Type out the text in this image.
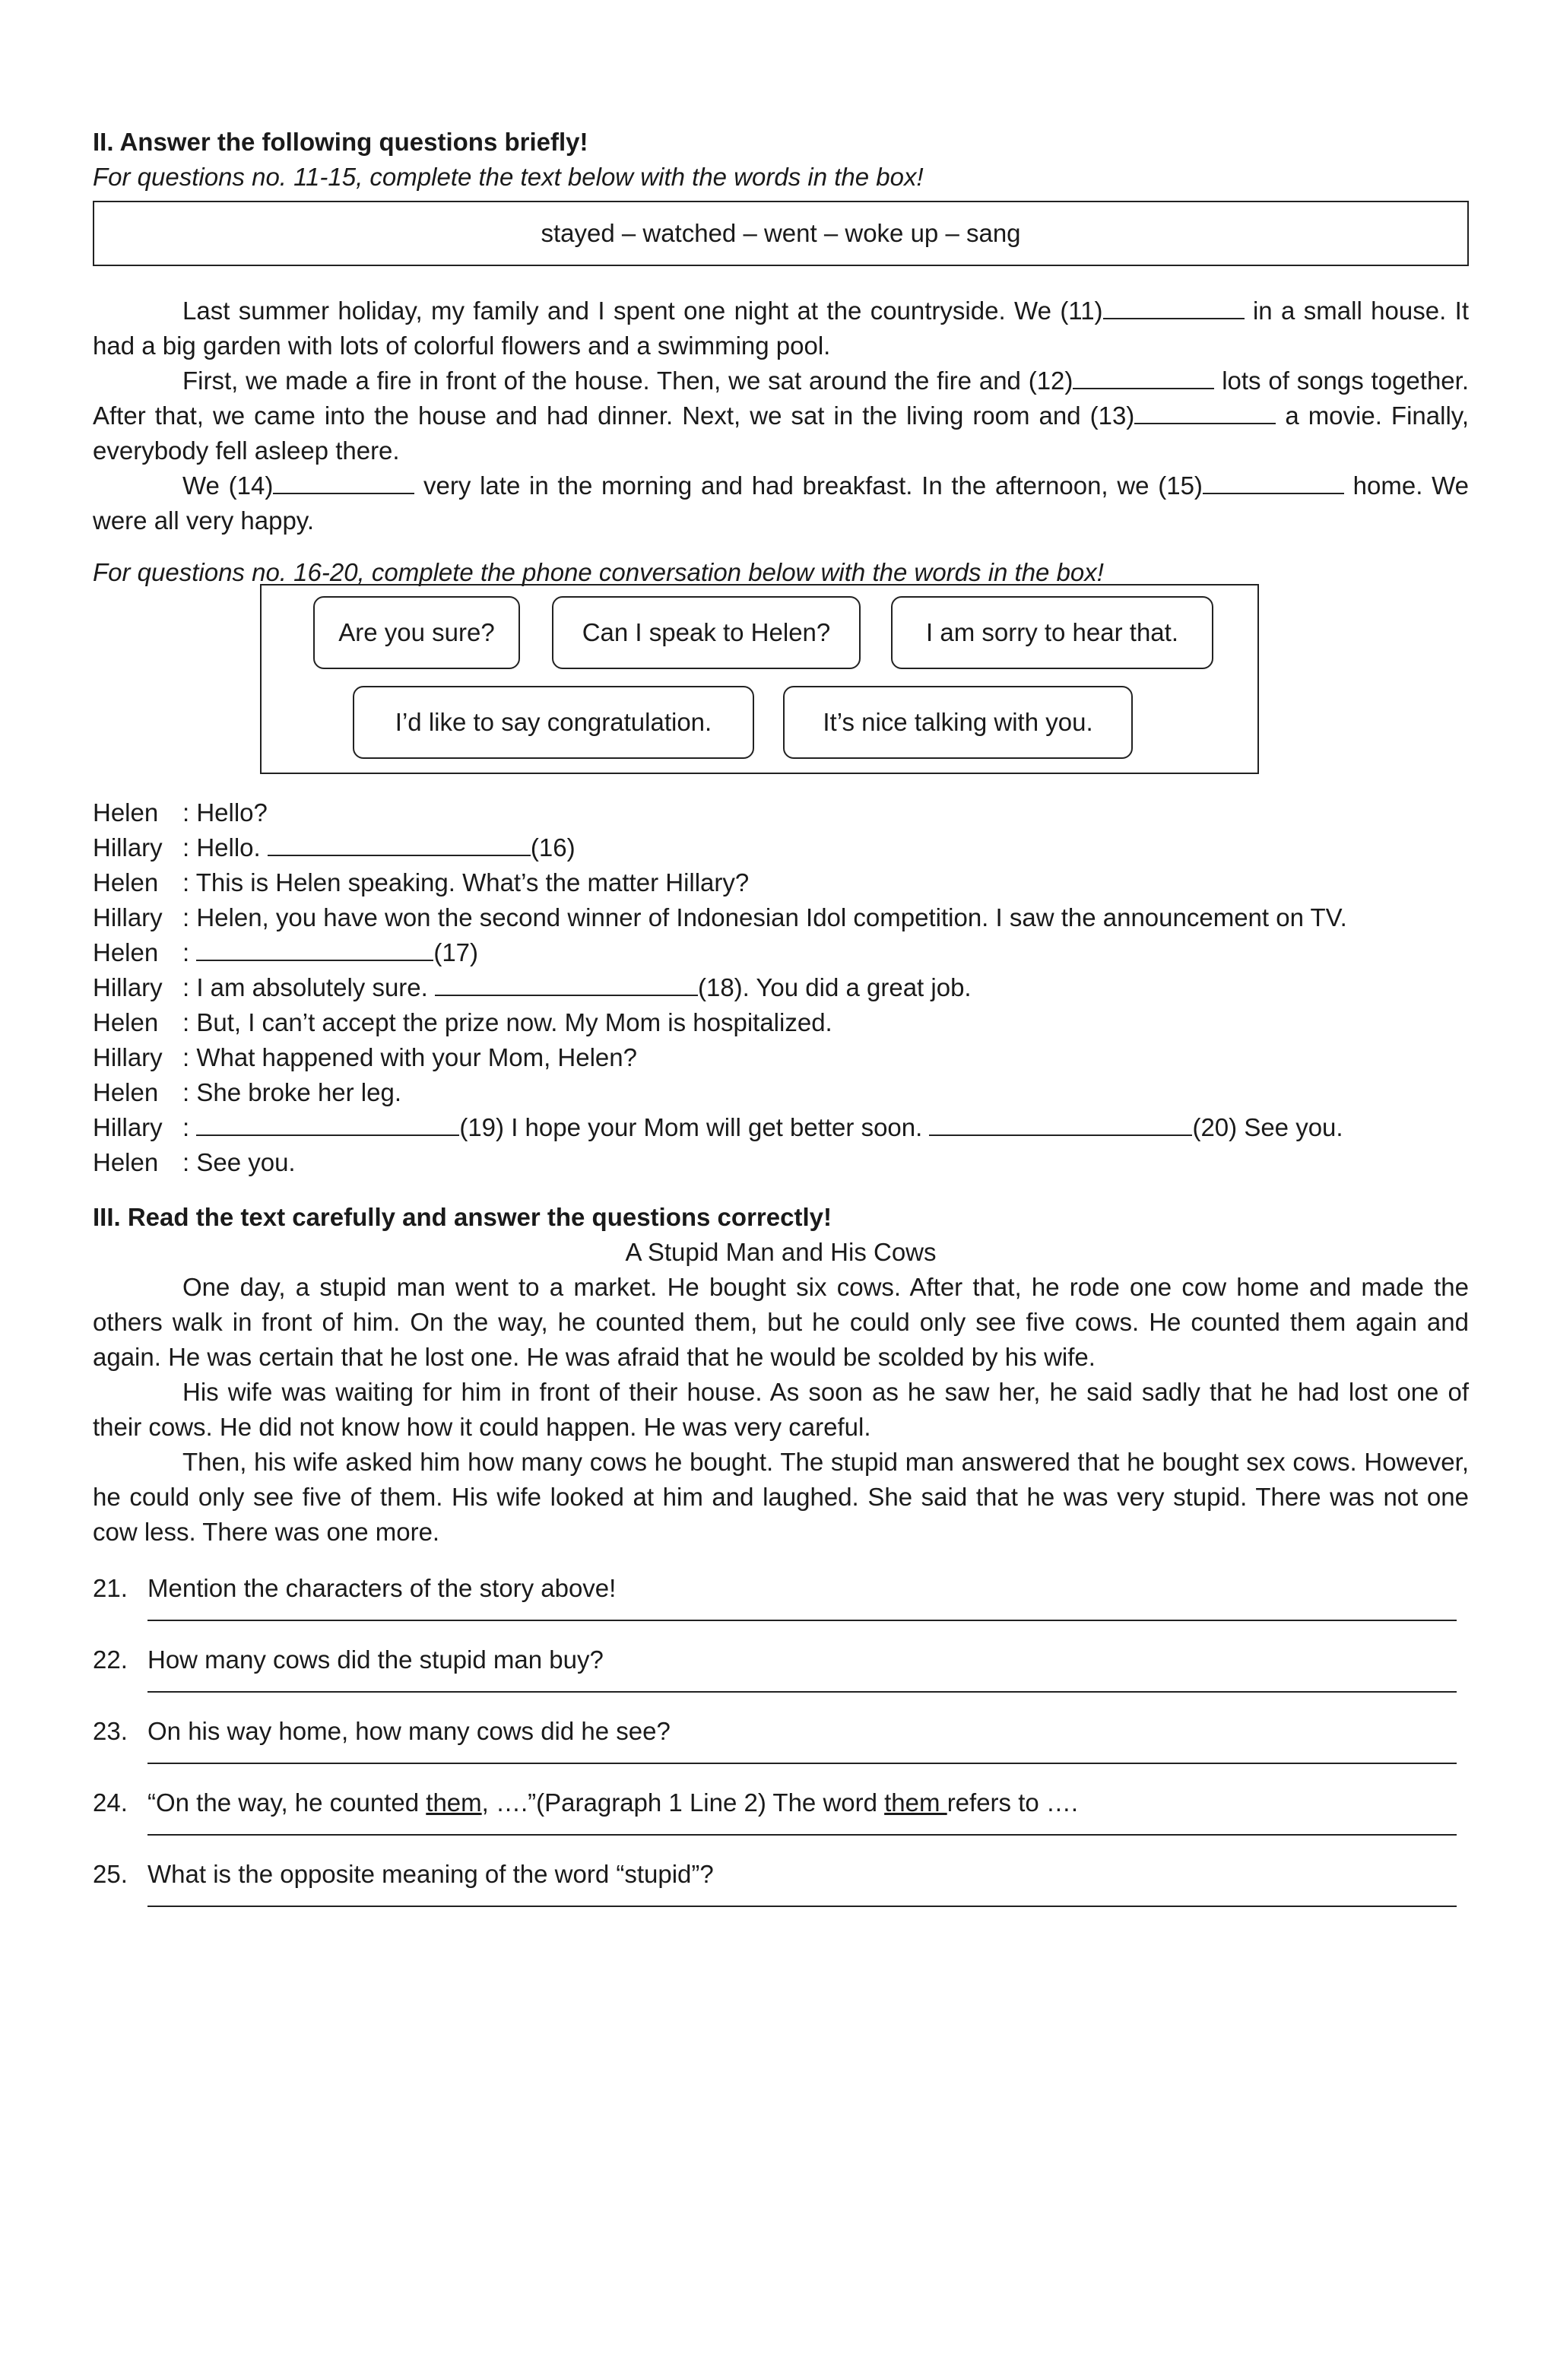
II. Answer the following questions briefly!

For questions no. 11-15, complete the text below with the words in the box!

stayed – watched – went – woke up – sang

Last summer holiday, my family and I spent one night at the countryside. We (11)	in a small house. It had a big garden with lots of colorful flowers and a swimming pool.

First, we made a fire in front of the house. Then, we sat around the fire and (12)	lots of songs together. After that, we came into the house and had dinner. Next, we sat in the living room and (13)	a movie. Finally, everybody fell asleep there.

We (14)	very late in the morning and had breakfast. In the afternoon, we (15)	home. We were all very happy.

For questions no. 16-20, complete the phone conversation below with the words in the box!

Are you sure?	Can I speak to Helen?	I am sorry to hear that.
I’d like to say congratulation.	It’s nice talking with you.
Helen : Hello?
Hillary : Hello.	(16)
Helen : This is Helen speaking. What’s the matter Hillary?
Hillary : Helen, you have won the second winner of Indonesian Idol competition. I saw the announcement on TV.
Helen :	(17)
Hillary : I am absolutely sure.	(18). You did a great job.
Helen : But, I can’t accept the prize now. My Mom is hospitalized.
Hillary : What happened with your Mom, Helen?
Helen : She broke her leg.
Hillary :	(19) I hope your Mom will get better soon.	(20) See you.
Helen : See you.

III. Read the text carefully and answer the questions correctly!

A Stupid Man and His Cows

One day, a stupid man went to a market. He bought six cows. After that, he rode one cow home and made the others walk in front of him. On the way, he counted them, but he could only see five cows. He counted them again and again. He was certain that he lost one. He was afraid that he would be scolded by his wife.

His wife was waiting for him in front of their house. As soon as he saw her, he said sadly that he had lost one of their cows. He did not know how it could happen. He was very careful.

Then, his wife asked him how many cows he bought. The stupid man answered that he bought sex cows. However, he could only see five of them. His wife looked at him and laughed. She said that he was very stupid. There was not one cow less. There was one more.

21. Mention the characters of the story above!
22. How many cows did the stupid man buy?
23. On his way home, how many cows did he see?
24. “On the way, he counted them, ….”(Paragraph 1 Line 2) The word them refers to ….
25. What is the opposite meaning of the word “stupid”?
